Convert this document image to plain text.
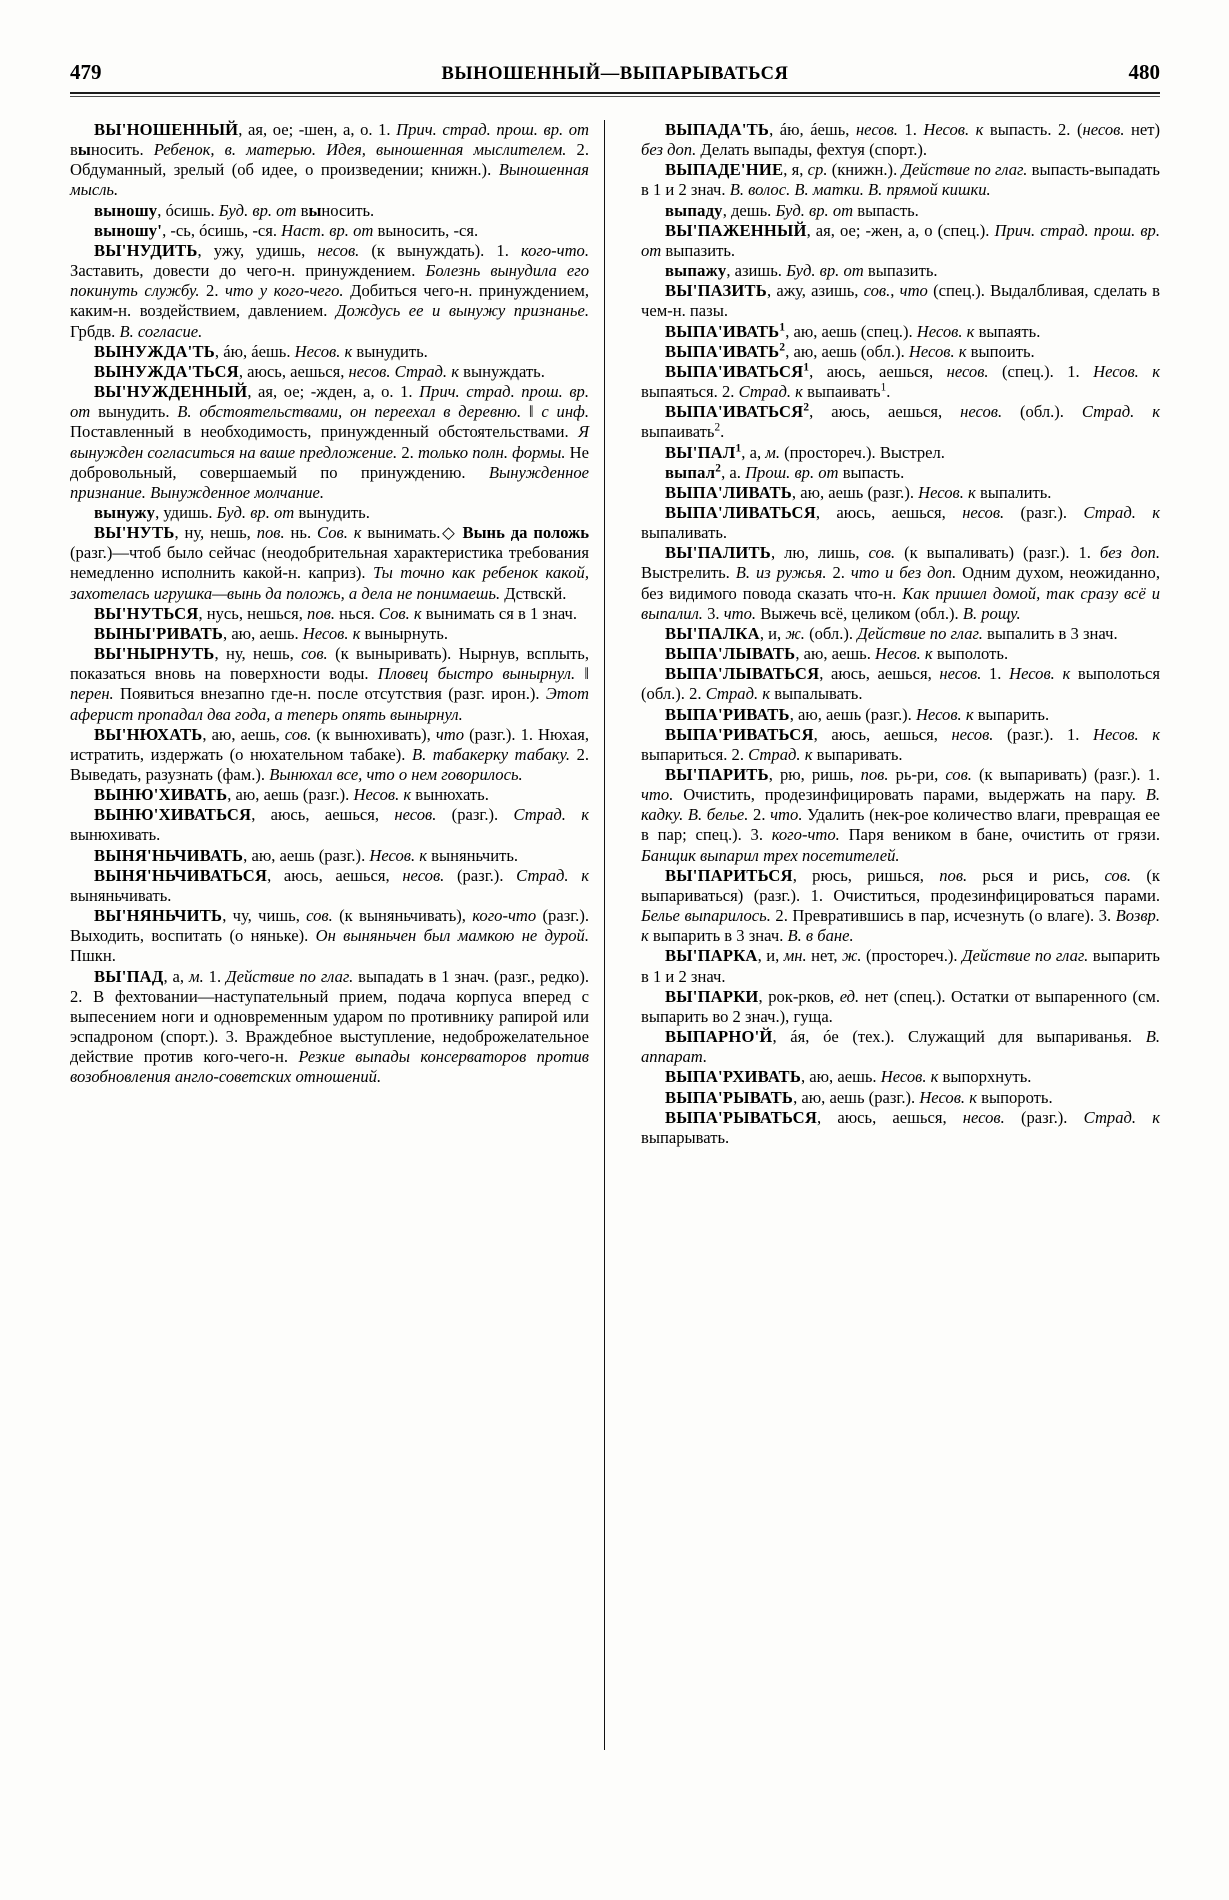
479	ВЫНОШЕННЫЙ—ВЫПАРЫВАТЬСЯ	480

ВЫ'НОШЕННЫЙ, ая, ое; -шен, а, о. 1. Прич. страд. прош. вр. от выносить. Ребенок, в. матерью. Идея, выношенная мыслителем. 2. Обдуманный, зрелый (об идее, о произведении; книжн.). Выношенная мысль.

выношу, óсишь. Буд. вр. от выносить.

выношу', -сь, óсишь, -ся. Наст. вр. от выносить, -ся.

ВЫ'НУДИТЬ, ужу, удишь, несов. (к вынуждать). 1. кого-что. Заставить, довести до чего-н. принуждением. Болезнь вынудила его покинуть службу. 2. что у кого-чего. Добиться чего-н. принуждением, каким-н. воздействием, давлением. Дождусь ее и вынужу признанье. Грбдв. В. согласие.

ВЫНУЖДА'ТЬ, áю, áешь. Несов. к вынудить.

ВЫНУЖДА'ТЬСЯ, аюсь, аешься, несов. Страд. к вынуждать.

ВЫ'НУЖДЕННЫЙ, ая, ое; -жден, а, о. 1. Прич. страд. прош. вр. от вынудить. В. обстоятельствами, он переехал в деревню. ‖ с инф. Поставленный в необходимость, принужденный обстоятельствами. Я вынужден согласиться на ваше предложение. 2. только полн. формы. Не добровольный, совершаемый по принуждению. Вынужденное признание. Вынужденное молчание.

вынужу, удишь. Буд. вр. от вынудить.

ВЫ'НУТЬ, ну, нешь, пов. нь. Сов. к вынимать.◇ Вынь да положь (разг.)—чтоб было сейчас (неодобрительная характеристика требования немедленно исполнить какой-н. каприз). Ты точно как ребенок какой, захотелась игрушка—вынь да положь, а дела не понимаешь. Дствскй.

ВЫ'НУТЬСЯ, нусь, нешься, пов. нься. Сов. к вынимать ся в 1 знач.

ВЫНЫ'РИВАТЬ, аю, аешь. Несов. к вынырнуть.

ВЫ'НЫРНУТЬ, ну, нешь, сов. (к выныривать). Нырнув, всплыть, показаться вновь на поверхности воды. Пловец быстро вынырнул. ‖ перен. Появиться внезапно где-н. после отсутствия (разг. ирон.). Этот аферист пропадал два года, а теперь опять вынырнул.

ВЫ'НЮХАТЬ, аю, аешь, сов. (к вынюхивать), что (разг.). 1. Нюхая, истратить, издержать (о нюхательном табаке). В. табакерку табаку. 2. Выведать, разузнать (фам.). Вынюхал все, что о нем говорилось.

ВЫНЮ'ХИВАТЬ, аю, аешь (разг.). Несов. к вынюхать.

ВЫНЮ'ХИВАТЬСЯ, аюсь, аешься, несов. (разг.). Страд. к вынюхивать.

ВЫНЯ'НЬЧИВАТЬ, аю, аешь (разг.). Несов. к выняньчить.

ВЫНЯ'НЬЧИВАТЬСЯ, аюсь, аешься, несов. (разг.). Страд. к выняньчивать.

ВЫ'НЯНЬЧИТЬ, чу, чишь, сов. (к выняньчивать), кого-что (разг.). Выходить, воспитать (о няньке). Он выняньчен был мамкою не дурой. Пшкн.

ВЫ'ПАД, а, м. 1. Действие по глаг. выпадать в 1 знач. (разг., редко). 2. В фехтовании—наступательный прием, подача корпуса вперед с выпесением ноги и одновременным ударом по противнику рапирой или эспадроном (спорт.). 3. Враждебное выступление, недоброжелательное действие против кого-чего-н. Резкие выпады консерваторов против возобновления англо-советских отношений.

ВЫПАДА'ТЬ, áю, áешь, несов. 1. Несов. к выпасть. 2. (несов. нет) без доп. Делать выпады, фехтуя (спорт.).

ВЫПАДЕ'НИЕ, я, ср. (книжн.). Действие по глаг. выпасть-выпадать в 1 и 2 знач. В. волос. В. матки. В. прямой кишки.

выпаду, дешь. Буд. вр. от выпасть.

ВЫ'ПАЖЕННЫЙ, ая, ое; -жен, а, о (спец.). Прич. страд. прош. вр. от выпазить.

выпажу, азишь. Буд. вр. от выпазить.

ВЫ'ПАЗИТЬ, ажу, азишь, сов., что (спец.). Выдалбливая, сделать в чем-н. пазы.

ВЫПА'ИВАТЬ$^1$, аю, аешь (спец.). Несов. к выпаять.

ВЫПА'ИВАТЬ$^2$, аю, аешь (обл.). Несов. к выпоить.

ВЫПА'ИВАТЬСЯ$^1$, аюсь, аешься, несов. (спец.). 1. Несов. к выпаяться. 2. Страд. к выпаивать$^1$.

ВЫПА'ИВАТЬСЯ$^2$, аюсь, аешься, несов. (обл.). Страд. к выпаивать$^2$.

ВЫ'ПАЛ$^1$, а, м. (простореч.). Выстрел.

выпал$^2$, а. Прош. вр. от выпасть.

ВЫПА'ЛИВАТЬ, аю, аешь (разг.). Несов. к выпалить.

ВЫПА'ЛИВАТЬСЯ, аюсь, аешься, несов. (разг.). Страд. к выпаливать.

ВЫ'ПАЛИТЬ, лю, лишь, сов. (к выпаливать) (разг.). 1. без доп. Выстрелить. В. из ружья. 2. что и без доп. Одним духом, неожиданно, без видимого повода сказать что-н. Как пришел домой, так сразу всё и выпалил. 3. что. Выжечь всё, целиком (обл.). В. рощу.

ВЫ'ПАЛКА, и, ж. (обл.). Действие по глаг. выпалить в 3 знач.

ВЫПА'ЛЫВАТЬ, аю, аешь. Несов. к выполоть.

ВЫПА'ЛЫВАТЬСЯ, аюсь, аешься, несов. 1. Несов. к выполоться (обл.). 2. Страд. к выпалывать.

ВЫПА'РИВАТЬ, аю, аешь (разг.). Несов. к выпарить.

ВЫПА'РИВАТЬСЯ, аюсь, аешься, несов. (разг.). 1. Несов. к выпариться. 2. Страд. к выпаривать.

ВЫ'ПАРИТЬ, рю, ришь, пов. рь-ри, сов. (к выпаривать) (разг.). 1. что. Очистить, продезинфицировать парами, выдержать на пару. В. кадку. В. белье. 2. что. Удалить (нек-рое количество влаги, превращая ее в пар; спец.). 3. кого-что. Паря веником в бане, очистить от грязи. Банщик выпарил трех посетителей.

ВЫ'ПАРИТЬСЯ, рюсь, ришься, пов. рься и рись, сов. (к выпариваться) (разг.). 1. Очиститься, продезинфицироваться парами. Белье выпарилось. 2. Превратившись в пар, исчезнуть (о влаге). 3. Возвр. к выпарить в 3 знач. В. в бане.

ВЫ'ПАРКА, и, мн. нет, ж. (простореч.). Действие по глаг. выпарить в 1 и 2 знач.

ВЫ'ПАРКИ, рок-рков, ед. нет (спец.). Остатки от выпаренного (см. выпарить во 2 знач.), гуща.

ВЫПАРНО'Й, áя, óе (тех.). Служащий для выпариванья. В. аппарат.

ВЫПА'РХИВАТЬ, аю, аешь. Несов. к выпорхнуть.

ВЫПА'РЫВАТЬ, аю, аешь (разг.). Несов. к выпороть.

ВЫПА'РЫВАТЬСЯ, аюсь, аешься, несов. (разг.). Страд. к выпарывать.
